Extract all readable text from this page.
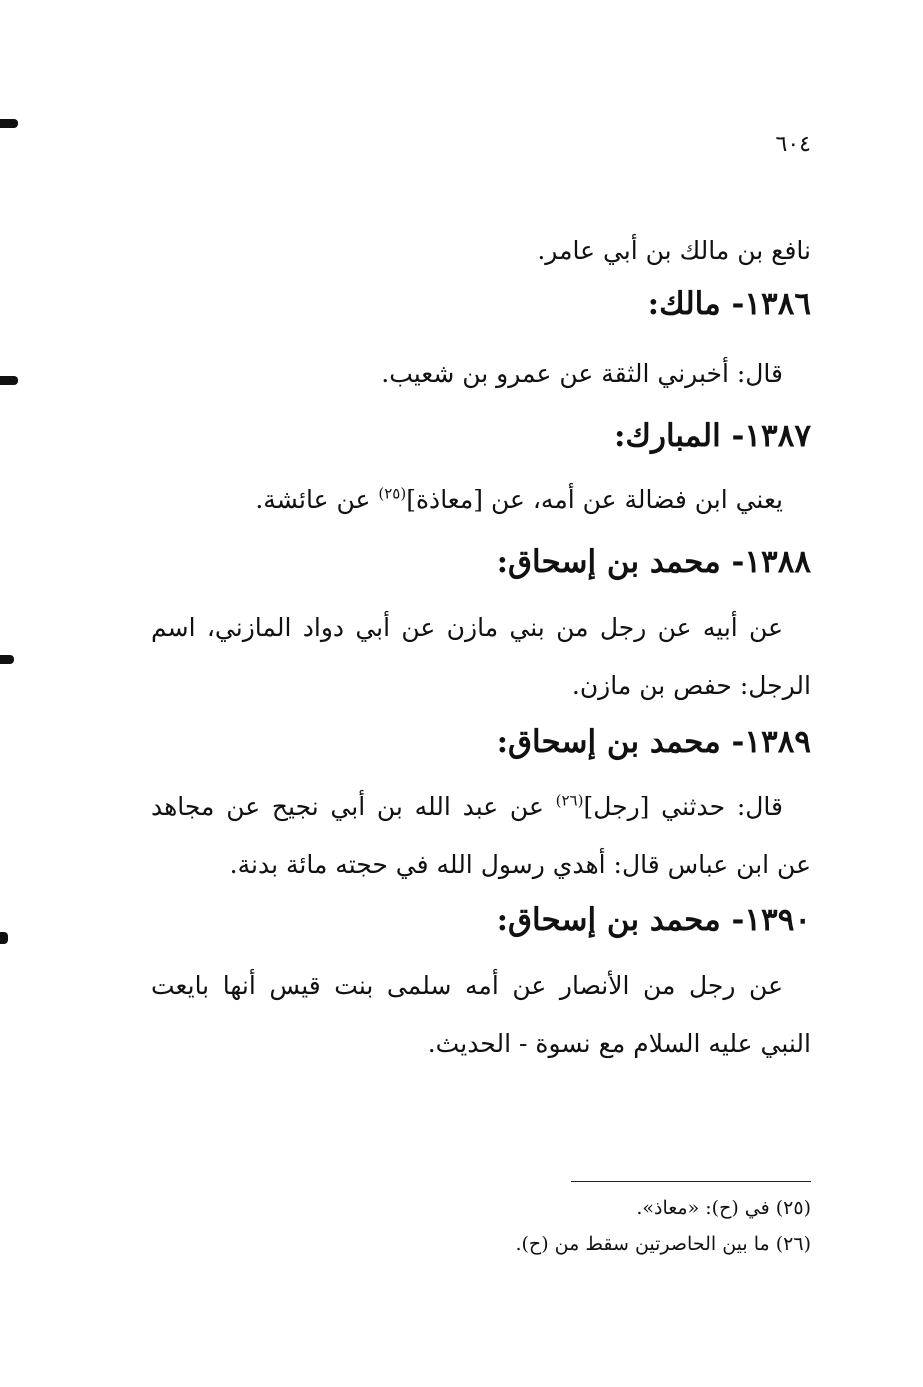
٦٠٤
نافع بن مالك بن أبي عامر.
١٣٨٦- مالك:
قال: أخبرني الثقة عن عمرو بن شعيب.
١٣٨٧- المبارك:
يعني ابن فضالة عن أمه، عن [معاذة]$^{(٢٥)}$ عن عائشة.
١٣٨٨- محمد بن إسحاق:
عن أبيه عن رجل من بني مازن عن أبي دواد المازني، اسم الرجل: حفص بن مازن.
١٣٨٩- محمد بن إسحاق:
قال: حدثني [رجل]$^{(٢٦)}$ عن عبد الله بن أبي نجيح عن مجاهد عن ابن عباس قال: أهدي رسول الله في حجته مائة بدنة.
١٣٩٠- محمد بن إسحاق:
عن رجل من الأنصار عن أمه سلمى بنت قيس أنها بايعت النبي عليه السلام مع نسوة - الحديث.
(٢٥) في (ح): «معاذ».
(٢٦) ما بين الحاصرتين سقط من (ح).
